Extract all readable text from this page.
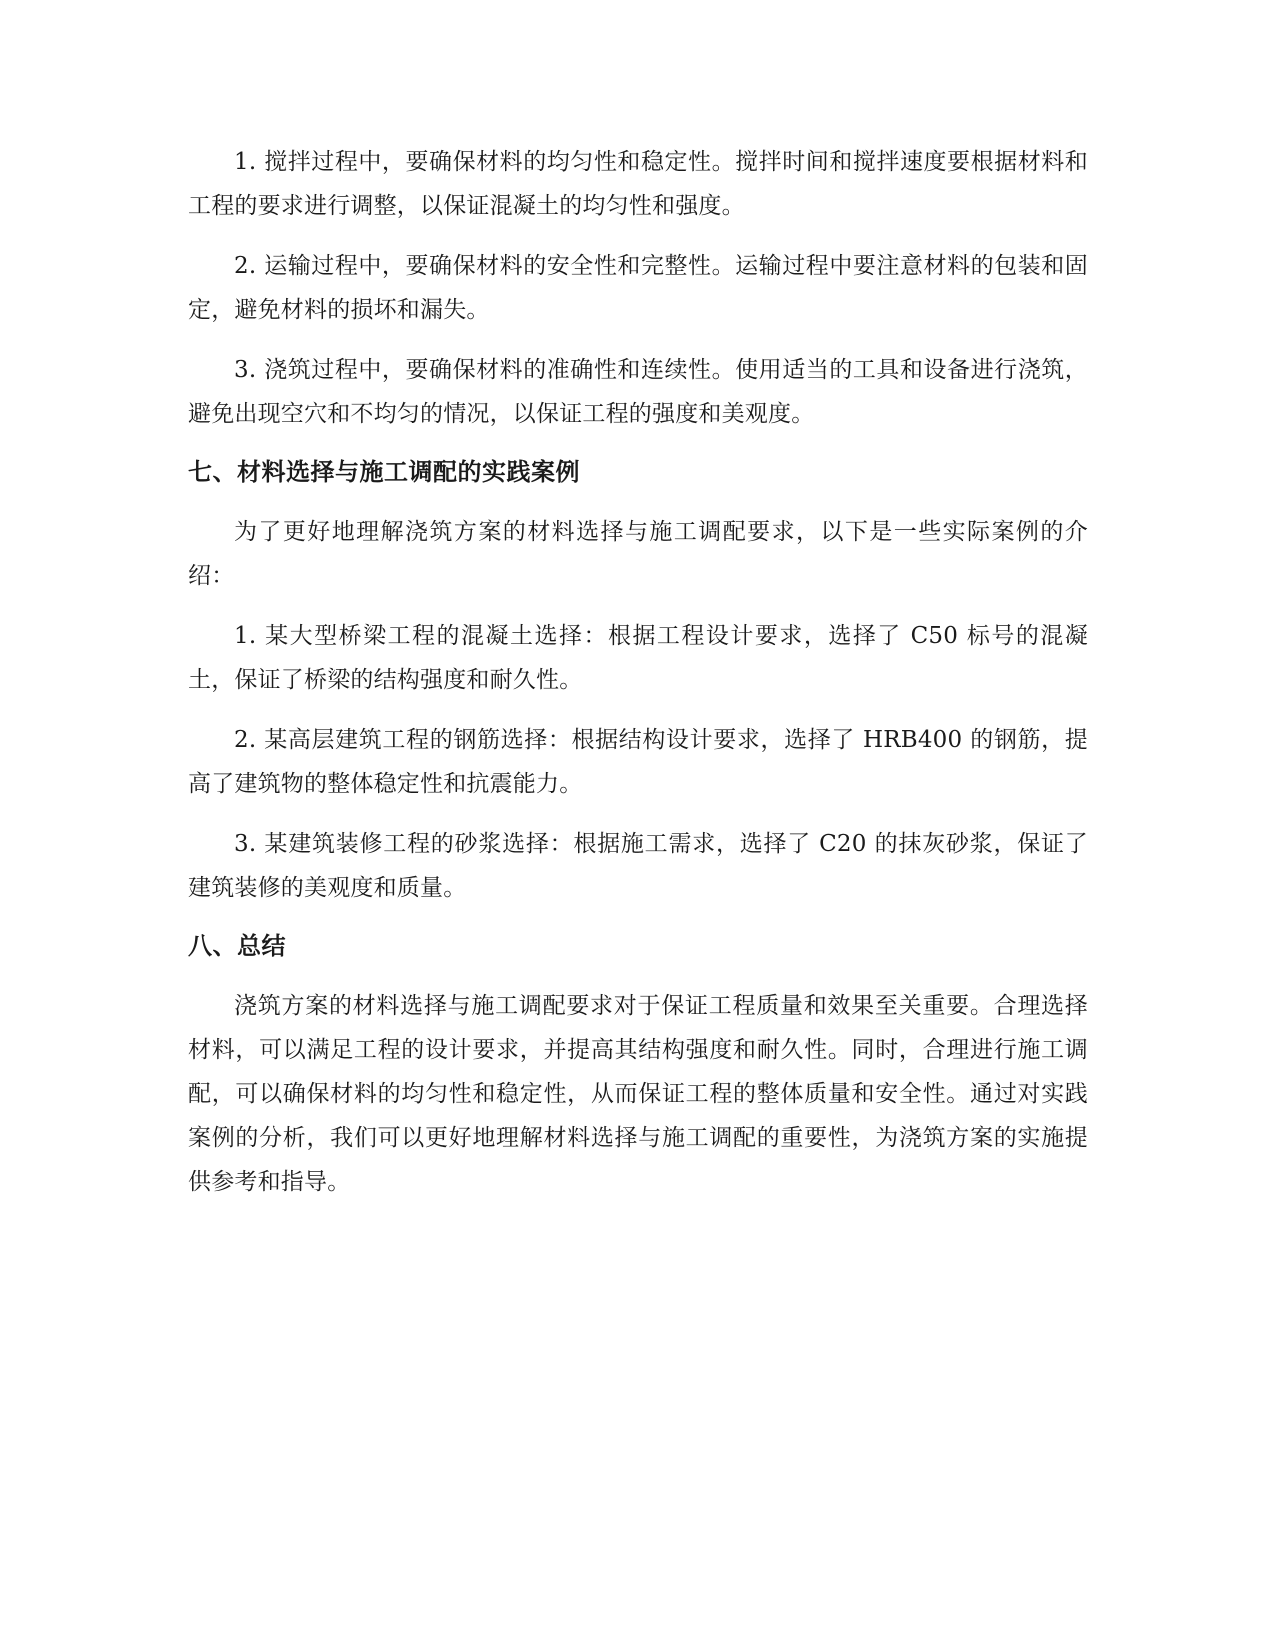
1. 搅拌过程中，要确保材料的均匀性和稳定性。搅拌时间和搅拌速度要根据材料和工程的要求进行调整，以保证混凝土的均匀性和强度。

2. 运输过程中，要确保材料的安全性和完整性。运输过程中要注意材料的包装和固定，避免材料的损坏和漏失。

3. 浇筑过程中，要确保材料的准确性和连续性。使用适当的工具和设备进行浇筑，避免出现空穴和不均匀的情况，以保证工程的强度和美观度。

七、材料选择与施工调配的实践案例

为了更好地理解浇筑方案的材料选择与施工调配要求，以下是一些实际案例的介绍：

1. 某大型桥梁工程的混凝土选择：根据工程设计要求，选择了 C50 标号的混凝土，保证了桥梁的结构强度和耐久性。

2. 某高层建筑工程的钢筋选择：根据结构设计要求，选择了 HRB400 的钢筋，提高了建筑物的整体稳定性和抗震能力。

3. 某建筑装修工程的砂浆选择：根据施工需求，选择了 C20 的抹灰砂浆，保证了建筑装修的美观度和质量。

八、总结

浇筑方案的材料选择与施工调配要求对于保证工程质量和效果至关重要。合理选择材料，可以满足工程的设计要求，并提高其结构强度和耐久性。同时，合理进行施工调配，可以确保材料的均匀性和稳定性，从而保证工程的整体质量和安全性。通过对实践案例的分析，我们可以更好地理解材料选择与施工调配的重要性，为浇筑方案的实施提供参考和指导。
